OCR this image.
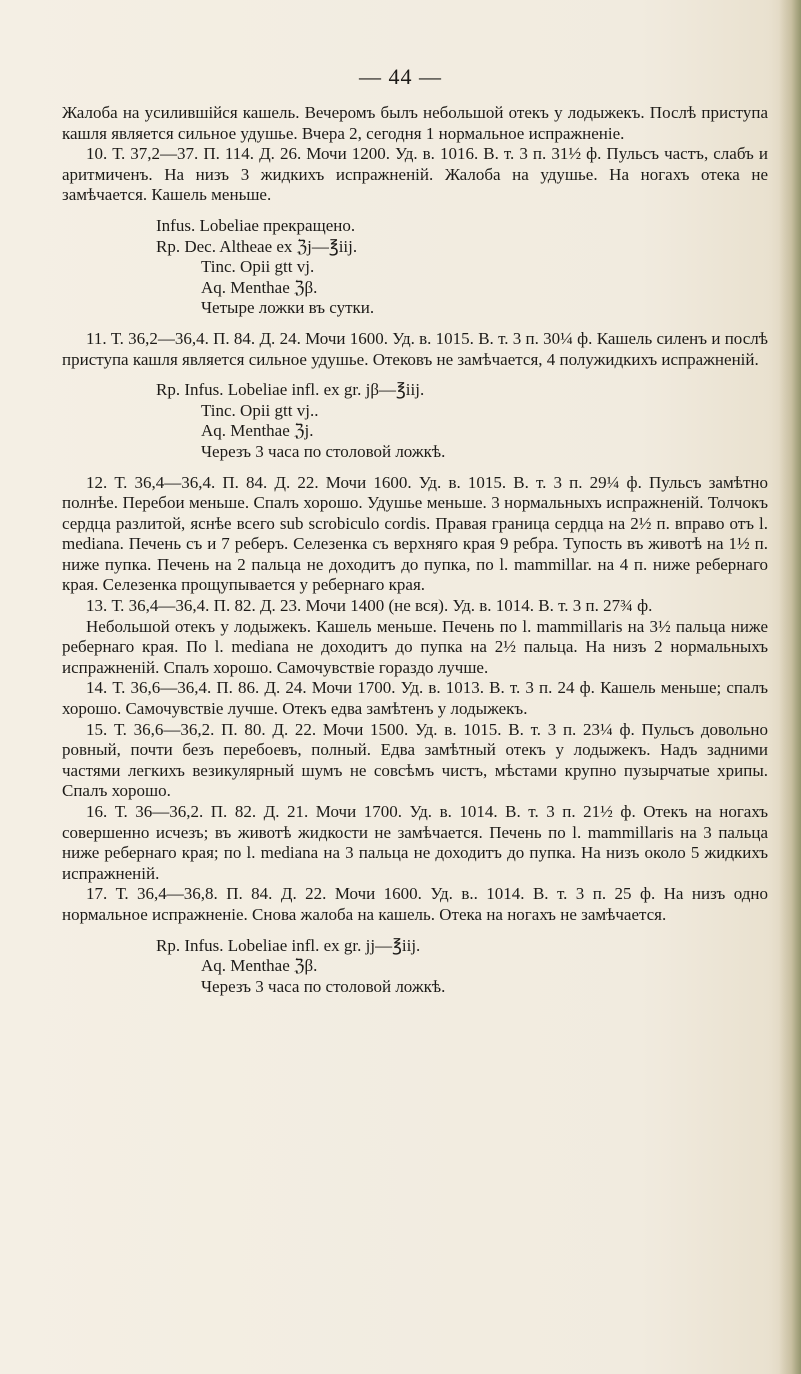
— 44 —

Жалоба на усилившійся кашель. Вечеромъ былъ небольшой отекъ у лодыжекъ. Послѣ приступа кашля является сильное удушье. Вчера 2, сегодня 1 нормальное испражненіе.

10. Т. 37,2—37. П. 114. Д. 26. Мочи 1200. Уд. в. 1016. В. т. 3 п. 31½ ф. Пульсъ частъ, слабъ и аритмиченъ. На низъ 3 жидкихъ испражненій. Жалоба на удушье. На ногахъ отека не замѣчается. Кашель меньше.

Infus. Lobeliae прекращено.

Rp. Dec. Altheae ex ℨj—℥iij.

Tinc. Opii gtt vj.

Aq. Menthae ℨβ.

Четыре ложки въ сутки.

11. Т. 36,2—36,4. П. 84. Д. 24. Мочи 1600. Уд. в. 1015. В. т. 3 п. 30¼ ф. Кашель силенъ и послѣ приступа кашля является сильное удушье. Отековъ не замѣчается, 4 полужидкихъ испражненій.

Rp. Infus. Lobeliae infl. ex gr. jβ—℥iij.

Tinc. Opii gtt vj..

Aq. Menthae ℨj.

Черезъ 3 часа по столовой ложкѣ.

12. Т. 36,4—36,4. П. 84. Д. 22. Мочи 1600. Уд. в. 1015. В. т. 3 п. 29¼ ф. Пульсъ замѣтно полнѣе. Перебои меньше. Спалъ хорошо. Удушье меньше. 3 нормальныхъ испражненій. Толчокъ сердца разлитой, яснѣе всего sub scrobiculo cordis. Правая граница сердца на 2½ п. вправо отъ l. mediana. Печень съ и 7 реберъ. Селезенка съ верхняго края 9 ребра. Тупость въ животѣ на 1½ п. ниже пупка. Печень на 2 пальца не доходитъ до пупка, по l. mammillar. на 4 п. ниже ребернаго края. Селезенка прощупывается у ребернаго края.

13. Т. 36,4—36,4. П. 82. Д. 23. Мочи 1400 (не вся). Уд. в. 1014. В. т. 3 п. 27¾ ф.

Небольшой отекъ у лодыжекъ. Кашель меньше. Печень по l. mammillaris на 3½ пальца ниже ребернаго края. По l. mediana не доходитъ до пупка на 2½ пальца. На низъ 2 нормальныхъ испражненій. Спалъ хорошо. Самочувствіе гораздо лучше.

14. Т. 36,6—36,4. П. 86. Д. 24. Мочи 1700. Уд. в. 1013. В. т. 3 п. 24 ф. Кашель меньше; спалъ хорошо. Самочувствіе лучше. Отекъ едва замѣтенъ у лодыжекъ.

15. Т. 36,6—36,2. П. 80. Д. 22. Мочи 1500. Уд. в. 1015. В. т. 3 п. 23¼ ф. Пульсъ довольно ровный, почти безъ перебоевъ, полный. Едва замѣтный отекъ у лодыжекъ. Надъ задними частями легкихъ везикулярный шумъ не совсѣмъ чистъ, мѣстами крупно пузырчатые хрипы. Спалъ хорошо.

16. Т. 36—36,2. П. 82. Д. 21. Мочи 1700. Уд. в. 1014. В. т. 3 п. 21½ ф. Отекъ на ногахъ совершенно исчезъ; въ животѣ жидкости не замѣчается. Печень по l. mammillaris на 3 пальца ниже ребернаго края; по l. mediana на 3 пальца не доходитъ до пупка. На низъ около 5 жидкихъ испражненій.

17. Т. 36,4—36,8. П. 84. Д. 22. Мочи 1600. Уд. в.. 1014. В. т. 3 п. 25 ф. На низъ одно нормальное испражненіе. Снова жалоба на кашель. Отека на ногахъ не замѣчается.

Rp. Infus. Lobeliae infl. ex gr. jj—℥iij.

Aq. Menthae ℨβ.

Черезъ 3 часа по столовой ложкѣ.
